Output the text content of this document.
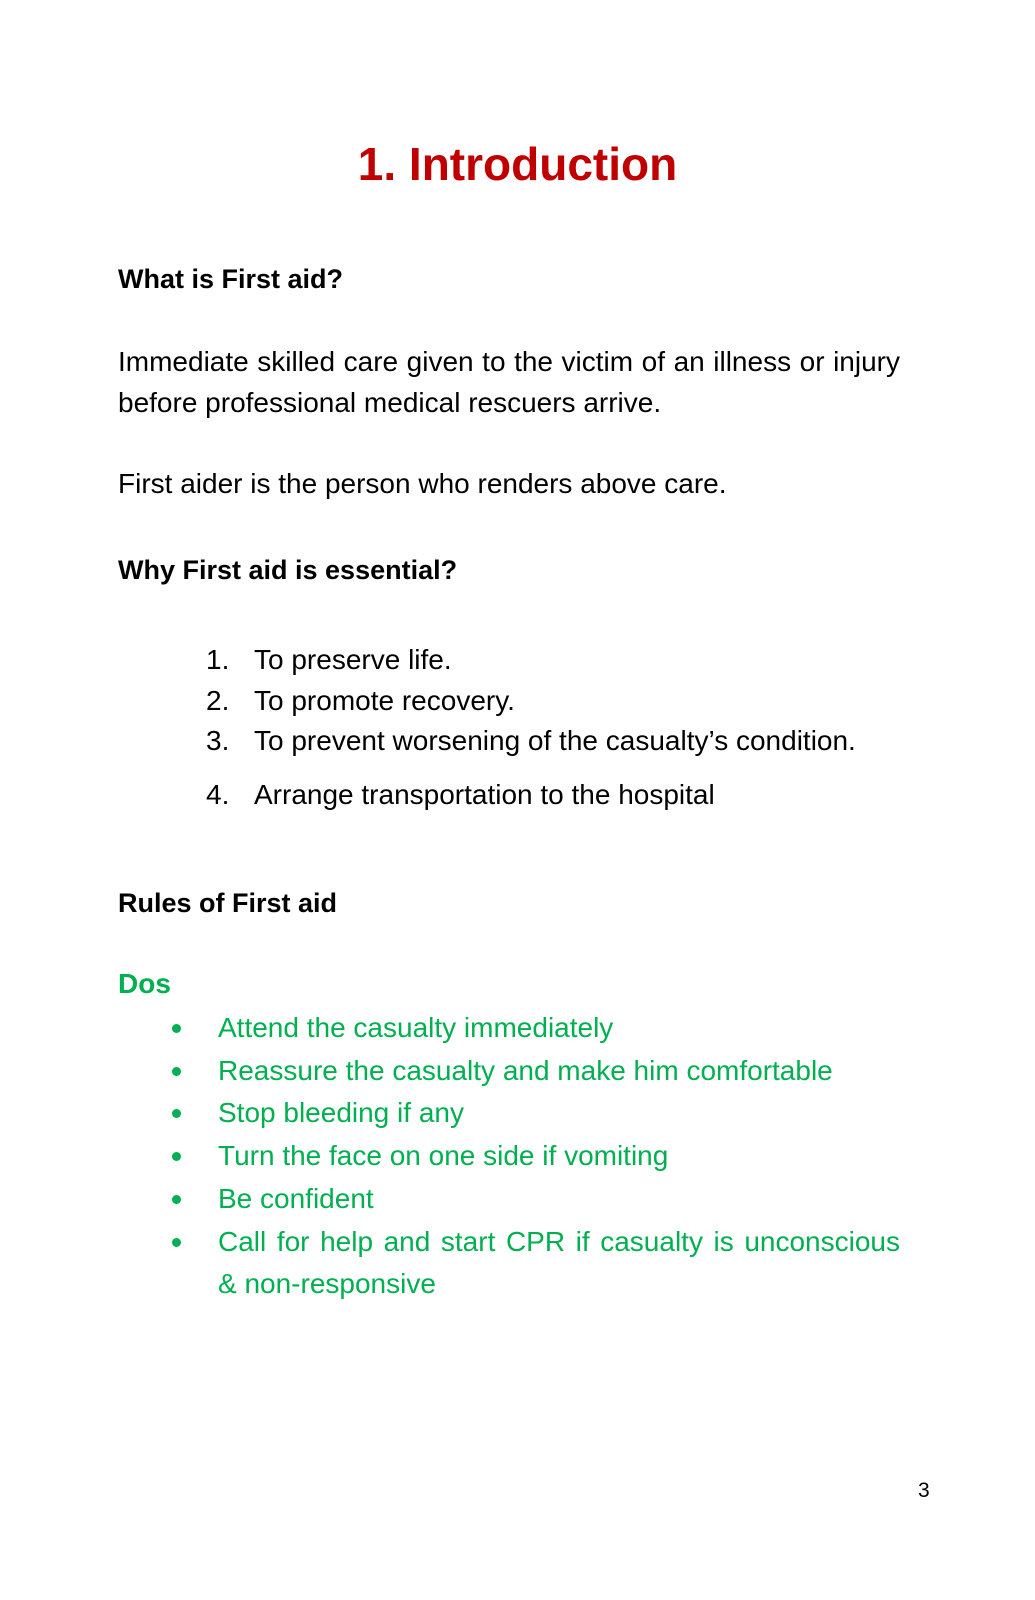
1. Introduction
What is First aid?

Immediate skilled care given to the victim of an illness or injury before professional medical rescuers arrive.

First aider is the person who renders above care.

Why First aid is essential?
1. To preserve life.
2. To promote recovery.
3. To prevent worsening of the casualty’s condition.
4. Arrange transportation to the hospital
Rules of First aid
Dos
Attend the casualty immediately
Reassure the casualty and make him comfortable
Stop bleeding if any
Turn the face on one side if vomiting
Be confident
Call for help and start CPR if casualty is unconscious & non-responsive
3
